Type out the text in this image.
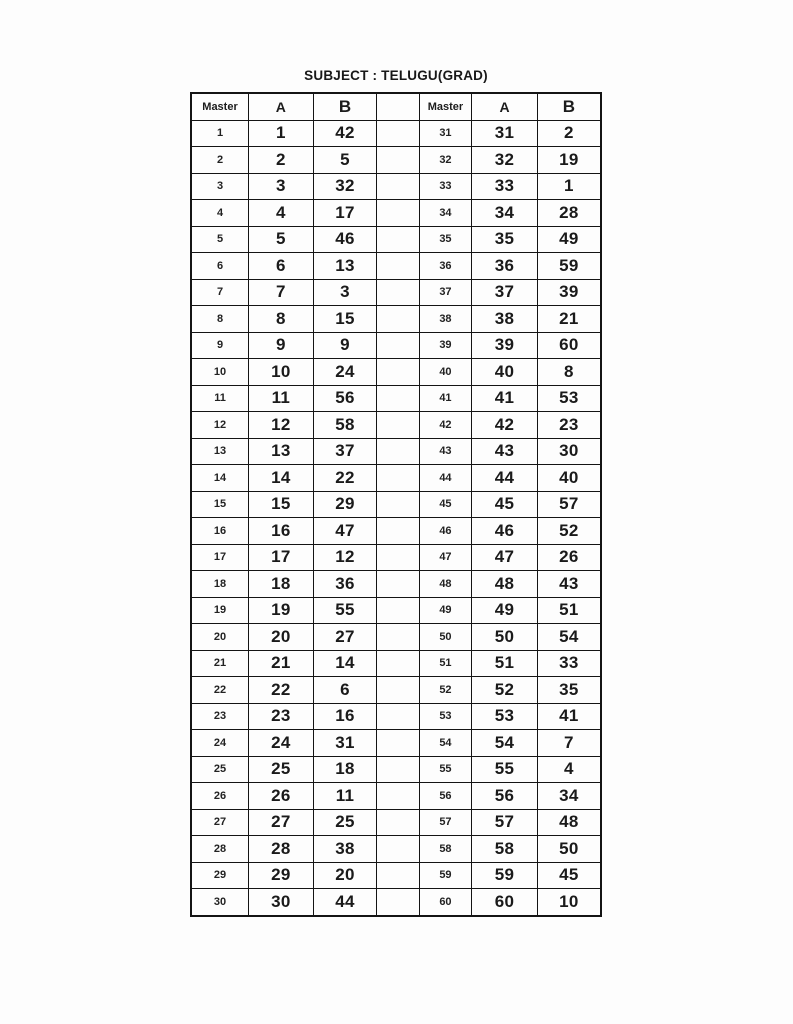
SUBJECT : TELUGU(GRAD)
Master	A	B		Master	A	B
1	1	42		31	31	2
2	2	5		32	32	19
3	3	32		33	33	1
4	4	17		34	34	28
5	5	46		35	35	49
6	6	13		36	36	59
7	7	3		37	37	39
8	8	15		38	38	21
9	9	9		39	39	60
10	10	24		40	40	8
11	11	56		41	41	53
12	12	58		42	42	23
13	13	37		43	43	30
14	14	22		44	44	40
15	15	29		45	45	57
16	16	47		46	46	52
17	17	12		47	47	26
18	18	36		48	48	43
19	19	55		49	49	51
20	20	27		50	50	54
21	21	14		51	51	33
22	22	6		52	52	35
23	23	16		53	53	41
24	24	31		54	54	7
25	25	18		55	55	4
26	26	11		56	56	34
27	27	25		57	57	48
28	28	38		58	58	50
29	29	20		59	59	45
30	30	44		60	60	10
